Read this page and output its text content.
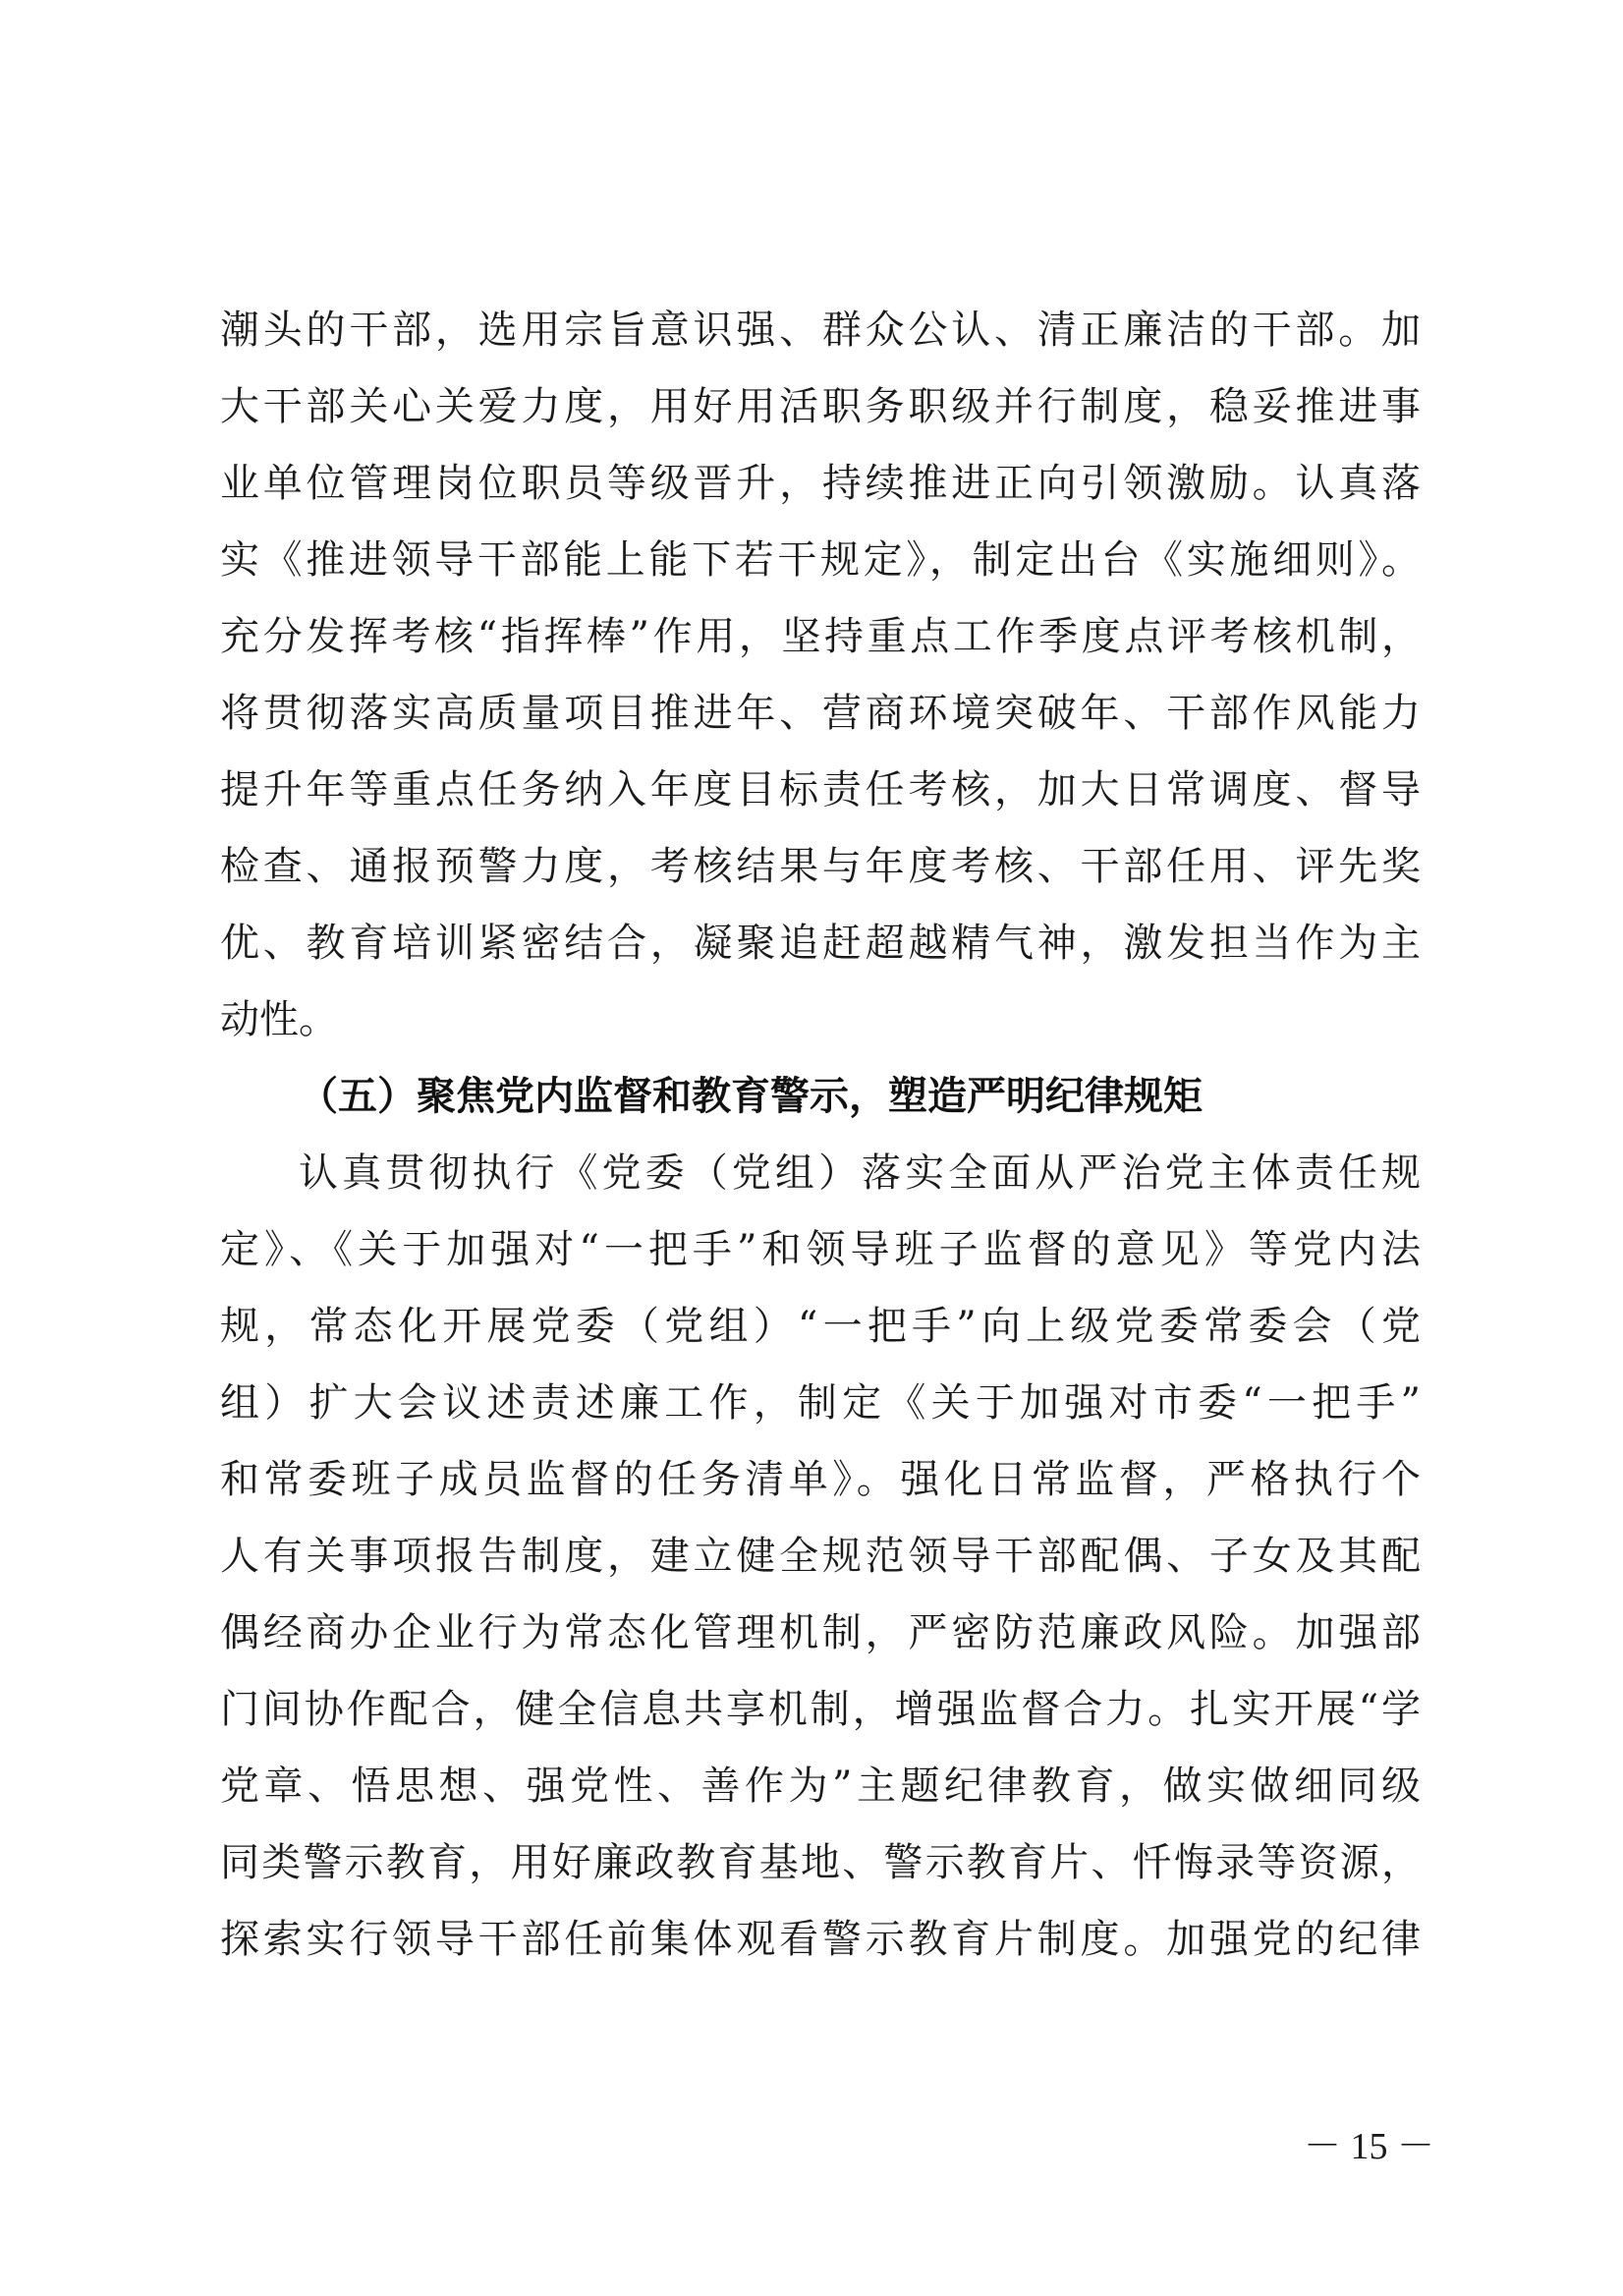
潮头的干部，选用宗旨意识强、群众公认、清正廉洁的干部。加
大干部关心关爱力度，用好用活职务职级并行制度，稳妥推进事
业单位管理岗位职员等级晋升，持续推进正向引领激励。认真落
实《推进领导干部能上能下若干规定》，制定出台《实施细则》。
充分发挥考核“指挥棒”作用，坚持重点工作季度点评考核机制，
将贯彻落实高质量项目推进年、营商环境突破年、干部作风能力
提升年等重点任务纳入年度目标责任考核，加大日常调度、督导
检查、通报预警力度，考核结果与年度考核、干部任用、评先奖
优、教育培训紧密结合，凝聚追赶超越精气神，激发担当作为主
动性。
（五）聚焦党内监督和教育警示，塑造严明纪律规矩
认真贯彻执行《党委（党组）落实全面从严治党主体责任规
定》、《关于加强对“一把手”和领导班子监督的意见》等党内法
规，常态化开展党委（党组）“一把手”向上级党委常委会（党
组）扩大会议述责述廉工作，制定《关于加强对市委“一把手”
和常委班子成员监督的任务清单》。强化日常监督，严格执行个
人有关事项报告制度，建立健全规范领导干部配偶、子女及其配
偶经商办企业行为常态化管理机制，严密防范廉政风险。加强部
门间协作配合，健全信息共享机制，增强监督合力。扎实开展“学
党章、悟思想、强党性、善作为”主题纪律教育，做实做细同级
同类警示教育，用好廉政教育基地、警示教育片、忏悔录等资源，
探索实行领导干部任前集体观看警示教育片制度。加强党的纪律
－ 15 －
